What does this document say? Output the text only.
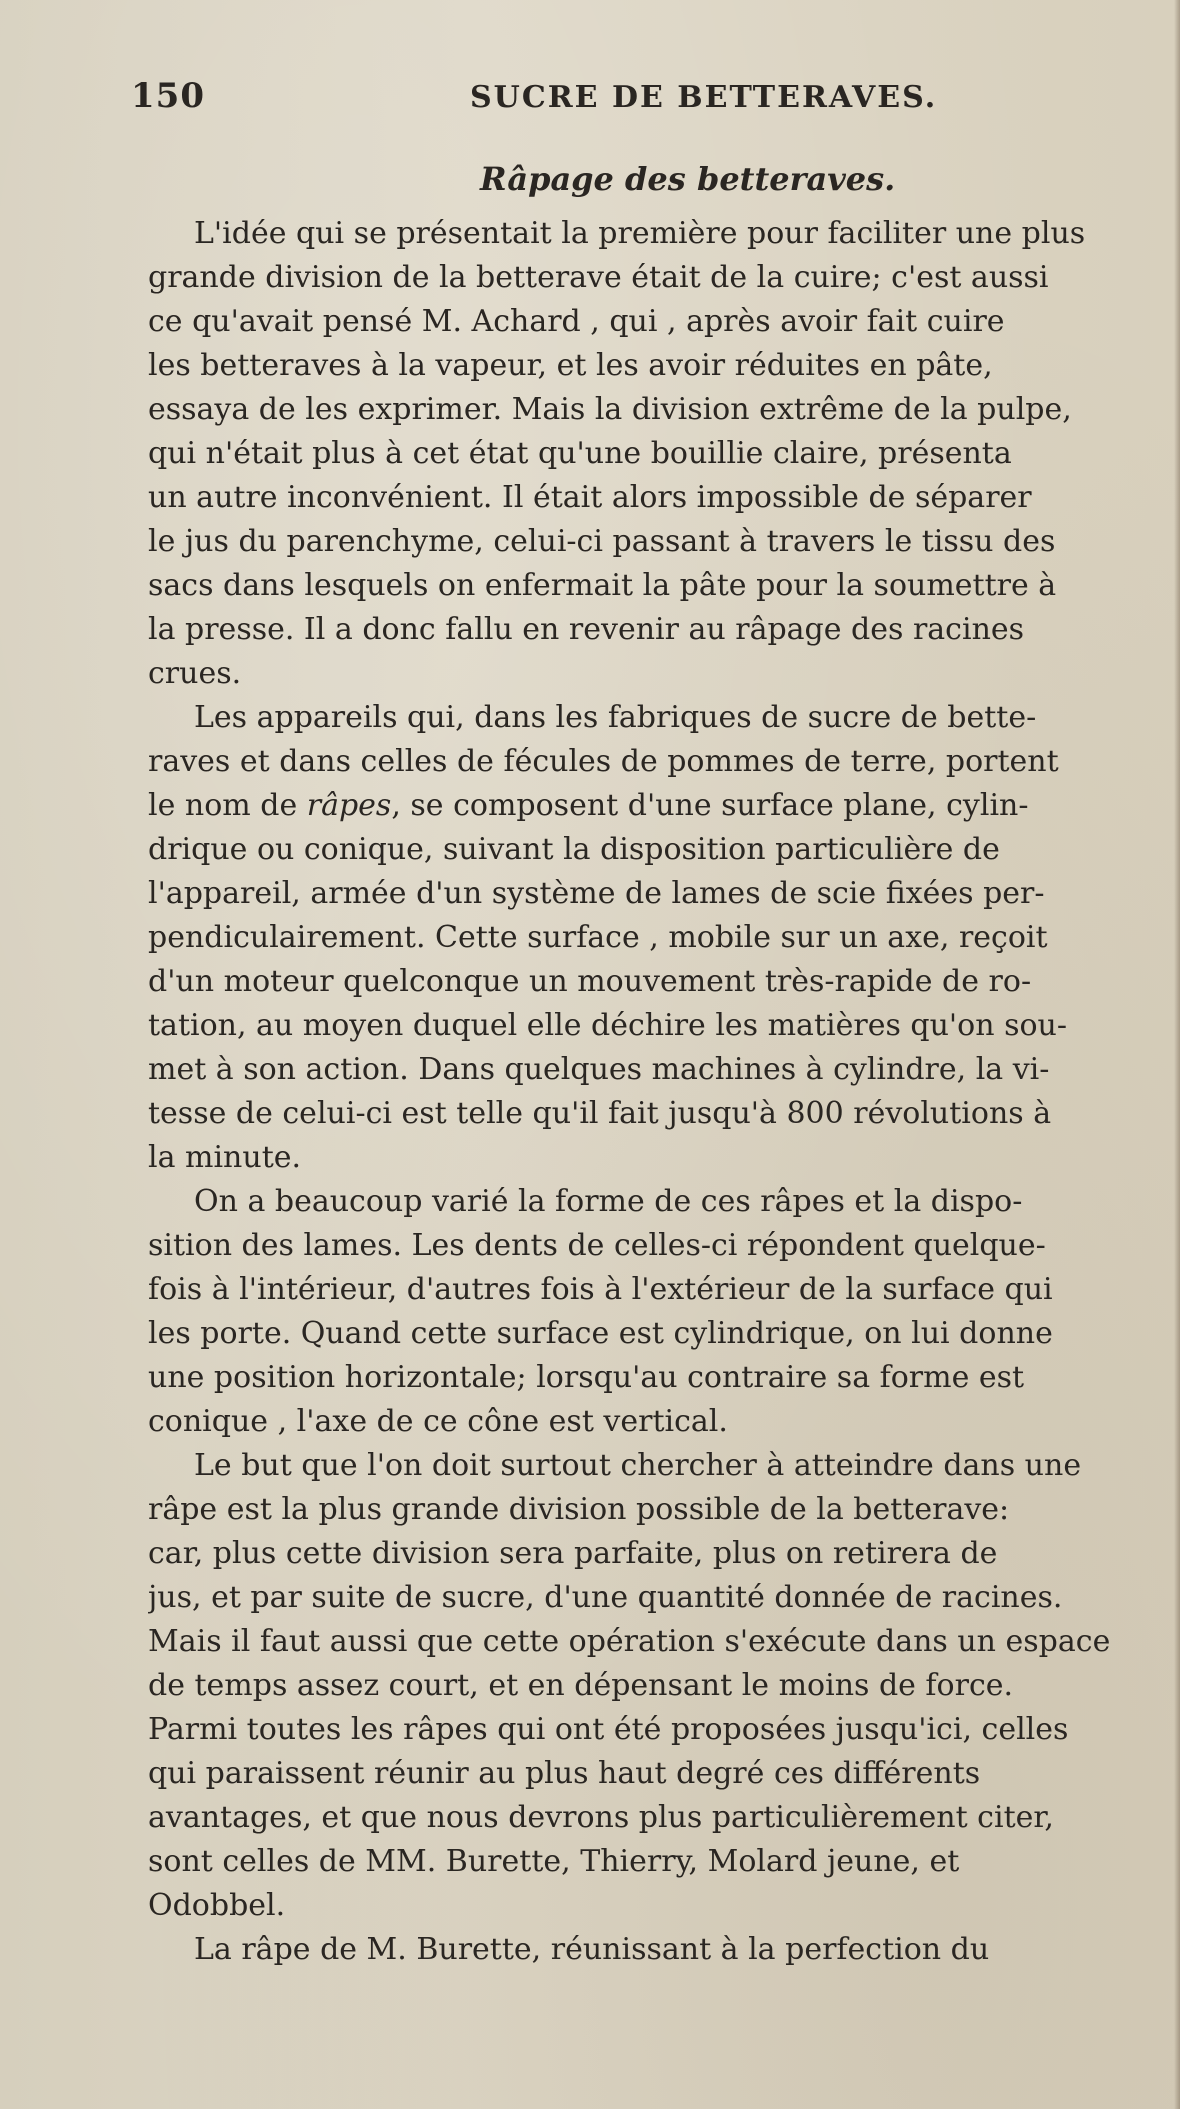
150	SUCRE DE BETTERAVES.
Râpage des betteraves.
L'idée qui se présentait la première pour faciliter une plus
grande division de la betterave était de la cuire; c'est aussi
ce qu'avait pensé M. Achard , qui , après avoir fait cuire
les betteraves à la vapeur, et les avoir réduites en pâte,
essaya de les exprimer. Mais la division extrême de la pulpe,
qui n'était plus à cet état qu'une bouillie claire, présenta
un autre inconvénient. Il était alors impossible de séparer
le jus du parenchyme, celui-ci passant à travers le tissu des
sacs dans lesquels on enfermait la pâte pour la soumettre à
la presse. Il a donc fallu en revenir au râpage des racines
crues.
Les appareils qui, dans les fabriques de sucre de bette-
raves et dans celles de fécules de pommes de terre, portent
le nom de râpes, se composent d'une surface plane, cylin-
drique ou conique, suivant la disposition particulière de
l'appareil, armée d'un système de lames de scie fixées per-
pendiculairement. Cette surface , mobile sur un axe, reçoit
d'un moteur quelconque un mouvement très-rapide de ro-
tation, au moyen duquel elle déchire les matières qu'on sou-
met à son action. Dans quelques machines à cylindre, la vi-
tesse de celui-ci est telle qu'il fait jusqu'à 800 révolutions à
la minute.
On a beaucoup varié la forme de ces râpes et la dispo-
sition des lames. Les dents de celles-ci répondent quelque-
fois à l'intérieur, d'autres fois à l'extérieur de la surface qui
les porte. Quand cette surface est cylindrique, on lui donne
une position horizontale; lorsqu'au contraire sa forme est
conique , l'axe de ce cône est vertical.
Le but que l'on doit surtout chercher à atteindre dans une
râpe est la plus grande division possible de la betterave:
car, plus cette division sera parfaite, plus on retirera de
jus, et par suite de sucre, d'une quantité donnée de racines.
Mais il faut aussi que cette opération s'exécute dans un espace
de temps assez court, et en dépensant le moins de force.
Parmi toutes les râpes qui ont été proposées jusqu'ici, celles
qui paraissent réunir au plus haut degré ces différents
avantages, et que nous devrons plus particulièrement citer,
sont celles de MM. Burette, Thierry, Molard jeune, et
Odobbel.
La râpe de M. Burette, réunissant à la perfection du
